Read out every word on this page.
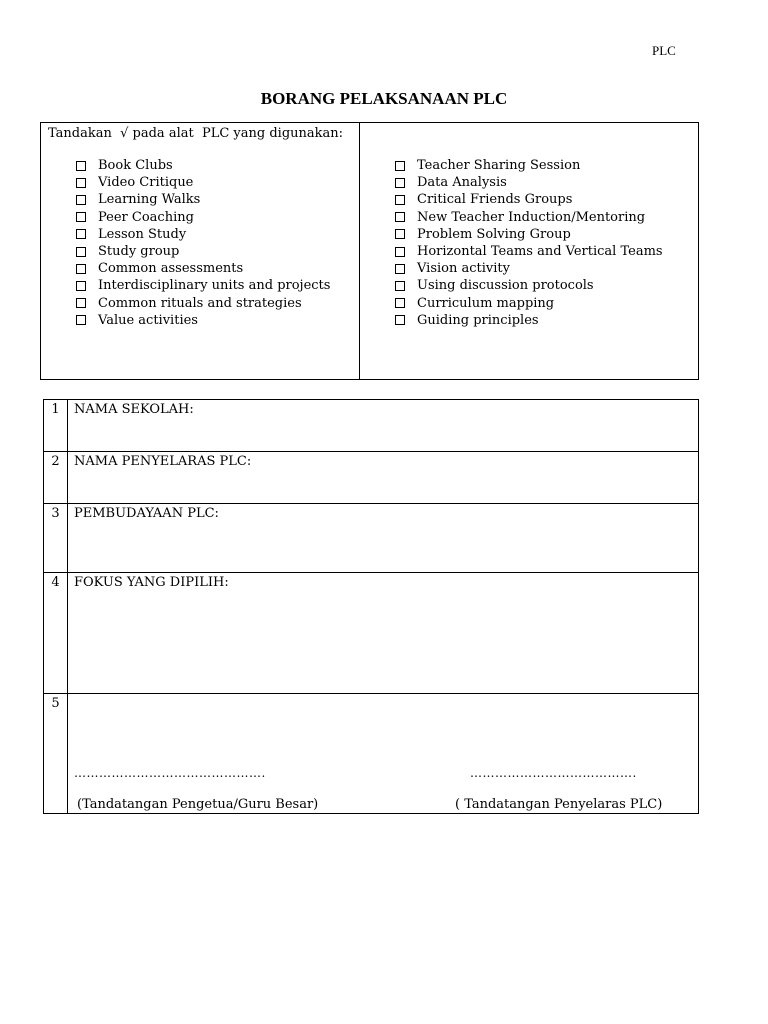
PLC
BORANG PELAKSANAAN PLC
Tandakan  √ pada alat  PLC yang digunakan:
Book Clubs
Video Critique
Learning Walks
Peer Coaching
Lesson Study
Study group
Common assessments
Interdisciplinary units and projects
Common rituals and strategies
Value activities
Teacher Sharing Session
Data Analysis
Critical Friends Groups
New Teacher Induction/Mentoring
Problem Solving Group
Horizontal Teams and Vertical Teams
Vision activity
Using discussion protocols
Curriculum mapping
Guiding principles
1	NAMA SEKOLAH:
2	NAMA PENYELARAS PLC:
3	PEMBUDAYAAN PLC:
4	FOKUS YANG DIPILIH:
5	………………………………………. ………………………………….
(Tandatangan Pengetua/Guru Besar) ( Tandatangan Penyelaras PLC)
